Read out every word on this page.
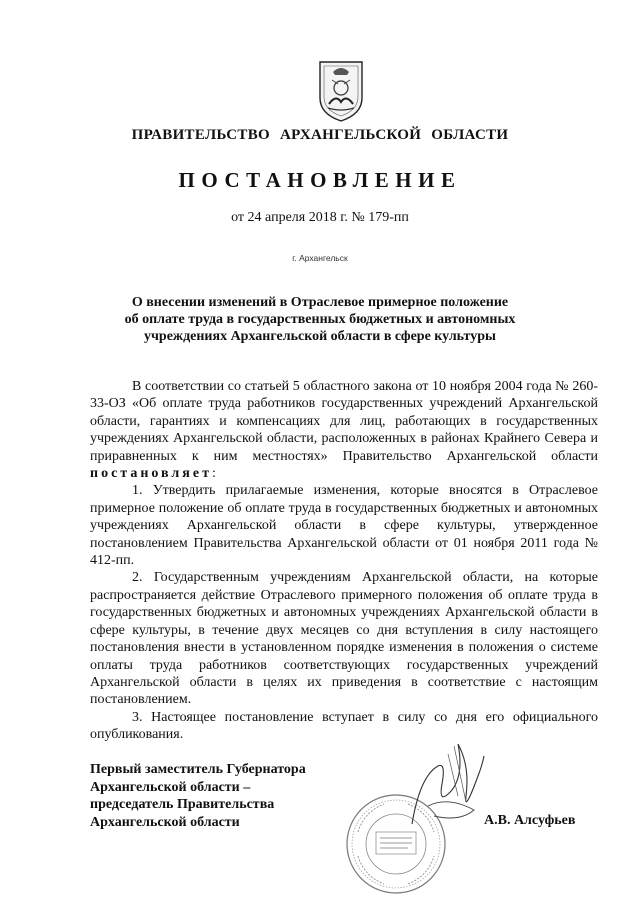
ПРАВИТЕЛЬСТВО АРХАНГЕЛЬСКОЙ ОБЛАСТИ
ПОСТАНОВЛЕНИЕ
от 24 апреля 2018 г. № 179-пп
г. Архангельск
О внесении изменений в Отраслевое примерное положение
об оплате труда в государственных бюджетных и автономных
учреждениях Архангельской области в сфере культуры

В соответствии со статьей 5 областного закона от 10 ноября 2004 года № 260-33-ОЗ «Об оплате труда работников государственных учреждений Архангельской области, гарантиях и компенсациях для лиц, работающих в государственных учреждениях Архангельской области, расположенных в районах Крайнего Севера и приравненных к ним местностях» Правительство Архангельской области постановляет:

1. Утвердить прилагаемые изменения, которые вносятся в Отраслевое примерное положение об оплате труда в государственных бюджетных и автономных учреждениях Архангельской области в сфере культуры, утвержденное постановлением Правительства Архангельской области от 01 ноября 2011 года № 412-пп.

2. Государственным учреждениям Архангельской области, на которые распространяется действие Отраслевого примерного положения об оплате труда в государственных бюджетных и автономных учреждениях Архангельской области в сфере культуры, в течение двух месяцев со дня вступления в силу настоящего постановления внести в установленном порядке изменения в положения о системе оплаты труда работников соответствующих государственных учреждений Архангельской области в целях их приведения в соответствие с настоящим постановлением.

3. Настоящее постановление вступает в силу со дня его официального опубликования.

Первый заместитель Губернатора
Архангельской области –
председатель Правительства
Архангельской области	А.В. Алсуфьев
